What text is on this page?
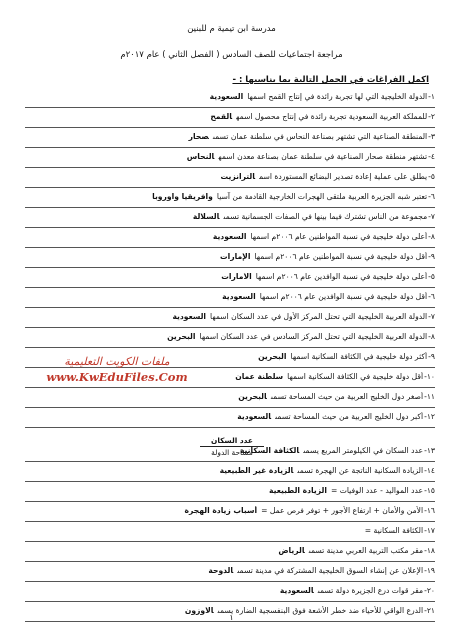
مدرسة ابن تيمية م للبنين
مراجعة اجتماعيات للصف السادس ( الفصل الثاني ) عام ٢٠١٧م
اكمل الفراغات في الجمل التالية بما يناسبها : -
١-الدولة الخليجية التي لها تجربة رائدة في إنتاج القمح اسمهاالسعودية
٢-للمملكة العربية السعودية تجربة رائدة في إنتاج محصول اسمهالقمح
٣-المنطقة الصناعية التي تشتهر بصناعة النحاس في سلطنة عمان تسمىصحار
٤-تشتهر منطقة صحار الصناعية في سلطنة عمان بصناعة معدن اسمهالنحاس
٥-يطلق على عملية إعادة تصدير البضائع المستوردة اسمالترانزيت
٦-تعتبر شبه الجزيرة العربية ملتقى الهجرات الخارجية القادمة من آسياوافريقيا واوروبا
٧-مجموعة من الناس تشترك فيما بينها في الصفات الجسمانية تسمىالسلالة
٨-أعلى دولة خليجية في نسبة المواطنين عام ٢٠٠٦م اسمهاالسعودية
٩-أقل دولة خليجية في نسبة المواطنين عام ٢٠٠٦م اسمهاالإمارات
٥-أعلى دولة خليجية في نسبة الوافدين عام ٢٠٠٦م اسمهاالامارات
٦-أقل دولة خليجية في نسبة الوافدين عام ٢٠٠٦م اسمهاالسعودية
٧-الدولة العربية الخليجية التي تحتل المركز الأول في عدد السكان اسمهاالسعودية
٨-الدولة العربية الخليجية التي تحتل المركز السادس في عدد السكان اسمهاالبحرين
٩-أكثر دولة خليجية في الكثافة السكانية اسمهاالبحرين
١٠-أقل دولة خليجية في الكثافة السكانية اسمهاسلطنة عمان
١١-أصغر دول الخليج العربية من حيث المساحة تسمىالبحرين
١٢-أكبر دول الخليج العربية من حيث المساحة تسمىالسعودية
١٣-عدد السكان في الكيلومتر المربع يسمىالكثافة السكانية
١٤-الزيادة السكانية الناتجة عن الهجرة تسمىالزيادة غير الطبيعية
١٥-عدد المواليد - عدد الوفيات =الزيادة الطبيعية
١٦-الأمن والأمان + ارتفاع الأجور + توفر فرص عمل =أسباب زيادة الهجرة
١٧-الكثافة السكانية =
١٨-مقر مكتب التربية العربي مدينة تسمىالرياض
١٩-الإعلان عن إنشاء السوق الخليجية المشتركة في مدينة تسمىالدوحة
٢٠-مقر قوات درع الجزيرة دولة تسمىالسعودية
٢١-الدرع الواقي للأحياء ضد خطر الأشعة فوق البنفسجية الضارة يسمىالاوزون
عدد السكان
مساحة الدولة
ملفات الكويت التعليمية
www.KwEduFiles.Com
١
